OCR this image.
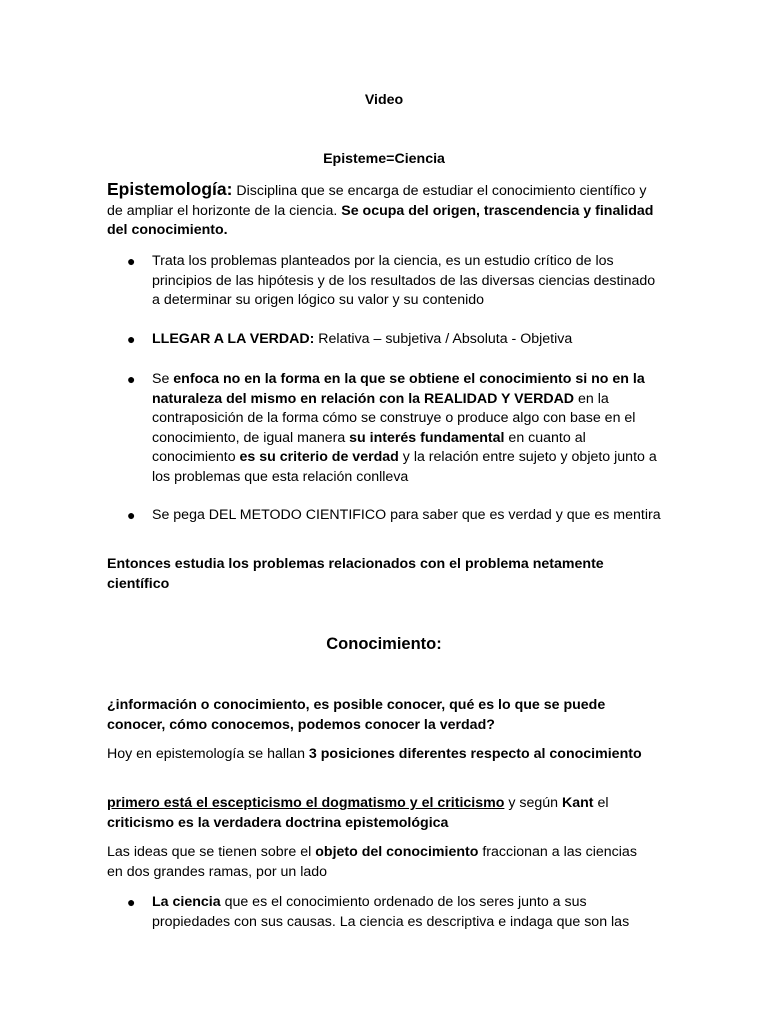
Video
Episteme=Ciencia

Epistemología: Disciplina que se encarga de estudiar el conocimiento científico y de ampliar el horizonte de la ciencia. Se ocupa del origen, trascendencia y finalidad del conocimiento.

● Trata los problemas planteados por la ciencia, es un estudio crítico de los principios de las hipótesis y de los resultados de las diversas ciencias destinado a determinar su origen lógico su valor y su contenido

● LLEGAR A LA VERDAD: Relativa – subjetiva / Absoluta - Objetiva

● Se enfoca no en la forma en la que se obtiene el conocimiento si no en la naturaleza del mismo en relación con la REALIDAD Y VERDAD en la contraposición de la forma cómo se construye o produce algo con base en el conocimiento, de igual manera su interés fundamental en cuanto al conocimiento es su criterio de verdad y la relación entre sujeto y objeto junto a los problemas que esta relación conlleva

● Se pega DEL METODO CIENTIFICO para saber que es verdad y que es mentira

Entonces estudia los problemas relacionados con el problema netamente científico

Conocimiento:

¿información o conocimiento, es posible conocer, qué es lo que se puede conocer, cómo conocemos, podemos conocer la verdad?

Hoy en epistemología se hallan 3 posiciones diferentes respecto al conocimiento

primero está el escepticismo el dogmatismo y el criticismo y según Kant el criticismo es la verdadera doctrina epistemológica

Las ideas que se tienen sobre el objeto del conocimiento fraccionan a las ciencias en dos grandes ramas, por un lado

● La ciencia que es el conocimiento ordenado de los seres junto a sus propiedades con sus causas. La ciencia es descriptiva e indaga que son las
